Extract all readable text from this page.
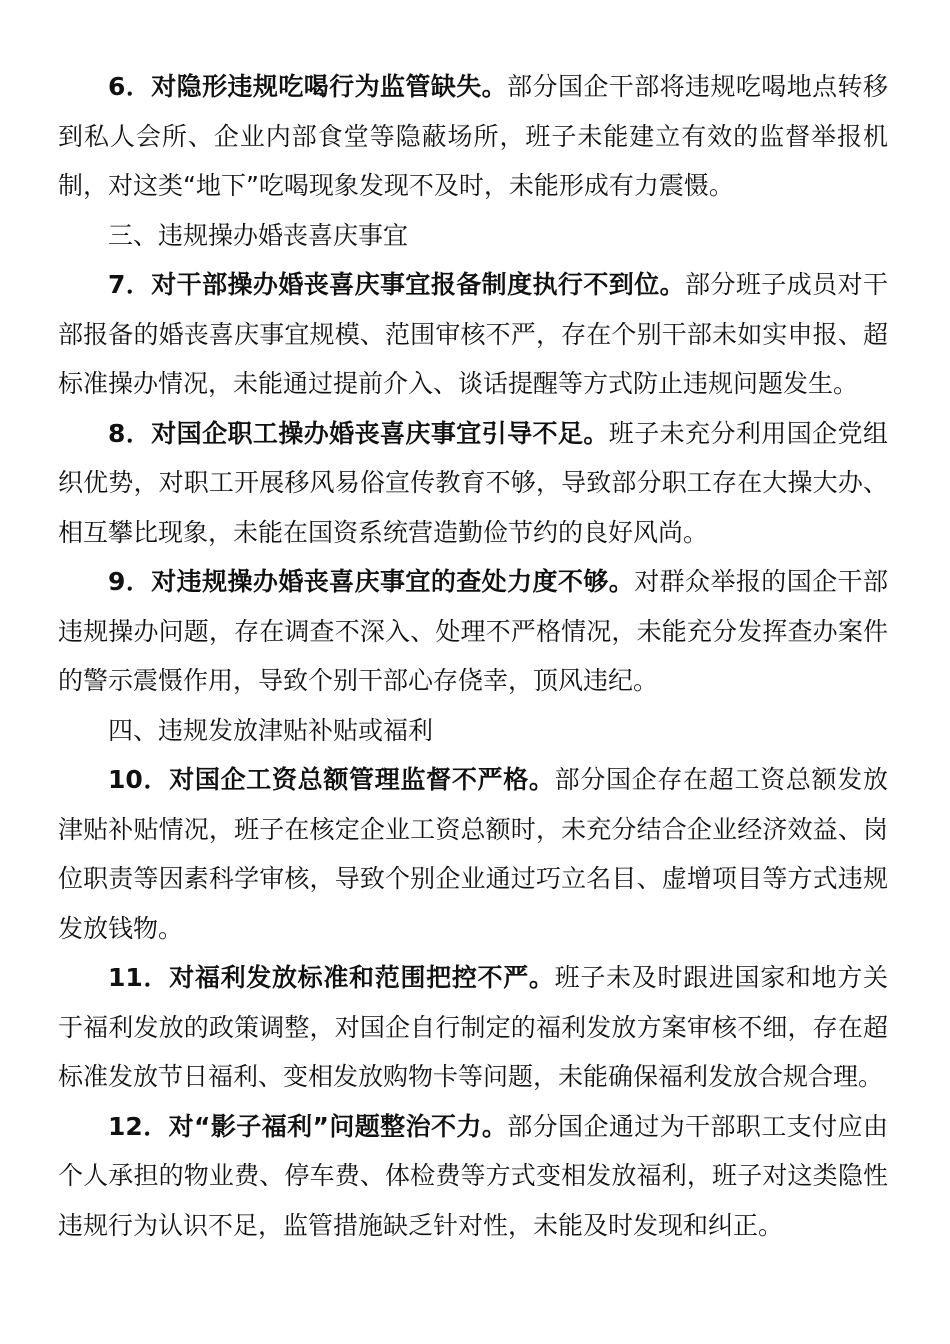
6．对隐形违规吃喝行为监管缺失。部分国企干部将违规吃喝地点转移到私人会所、企业内部食堂等隐蔽场所，班子未能建立有效的监督举报机制，对这类“地下”吃喝现象发现不及时，未能形成有力震慑。

三、违规操办婚丧喜庆事宜

7．对干部操办婚丧喜庆事宜报备制度执行不到位。部分班子成员对干部报备的婚丧喜庆事宜规模、范围审核不严，存在个别干部未如实申报、超标准操办情况，未能通过提前介入、谈话提醒等方式防止违规问题发生。

8．对国企职工操办婚丧喜庆事宜引导不足。班子未充分利用国企党组织优势，对职工开展移风易俗宣传教育不够，导致部分职工存在大操大办、相互攀比现象，未能在国资系统营造勤俭节约的良好风尚。

9．对违规操办婚丧喜庆事宜的查处力度不够。对群众举报的国企干部违规操办问题，存在调查不深入、处理不严格情况，未能充分发挥查办案件的警示震慑作用，导致个别干部心存侥幸，顶风违纪。

四、违规发放津贴补贴或福利

10．对国企工资总额管理监督不严格。部分国企存在超工资总额发放津贴补贴情况，班子在核定企业工资总额时，未充分结合企业经济效益、岗位职责等因素科学审核，导致个别企业通过巧立名目、虚增项目等方式违规发放钱物。

11．对福利发放标准和范围把控不严。班子未及时跟进国家和地方关于福利发放的政策调整，对国企自行制定的福利发放方案审核不细，存在超标准发放节日福利、变相发放购物卡等问题，未能确保福利发放合规合理。

12．对“影子福利”问题整治不力。部分国企通过为干部职工支付应由个人承担的物业费、停车费、体检费等方式变相发放福利，班子对这类隐性违规行为认识不足，监管措施缺乏针对性，未能及时发现和纠正。
